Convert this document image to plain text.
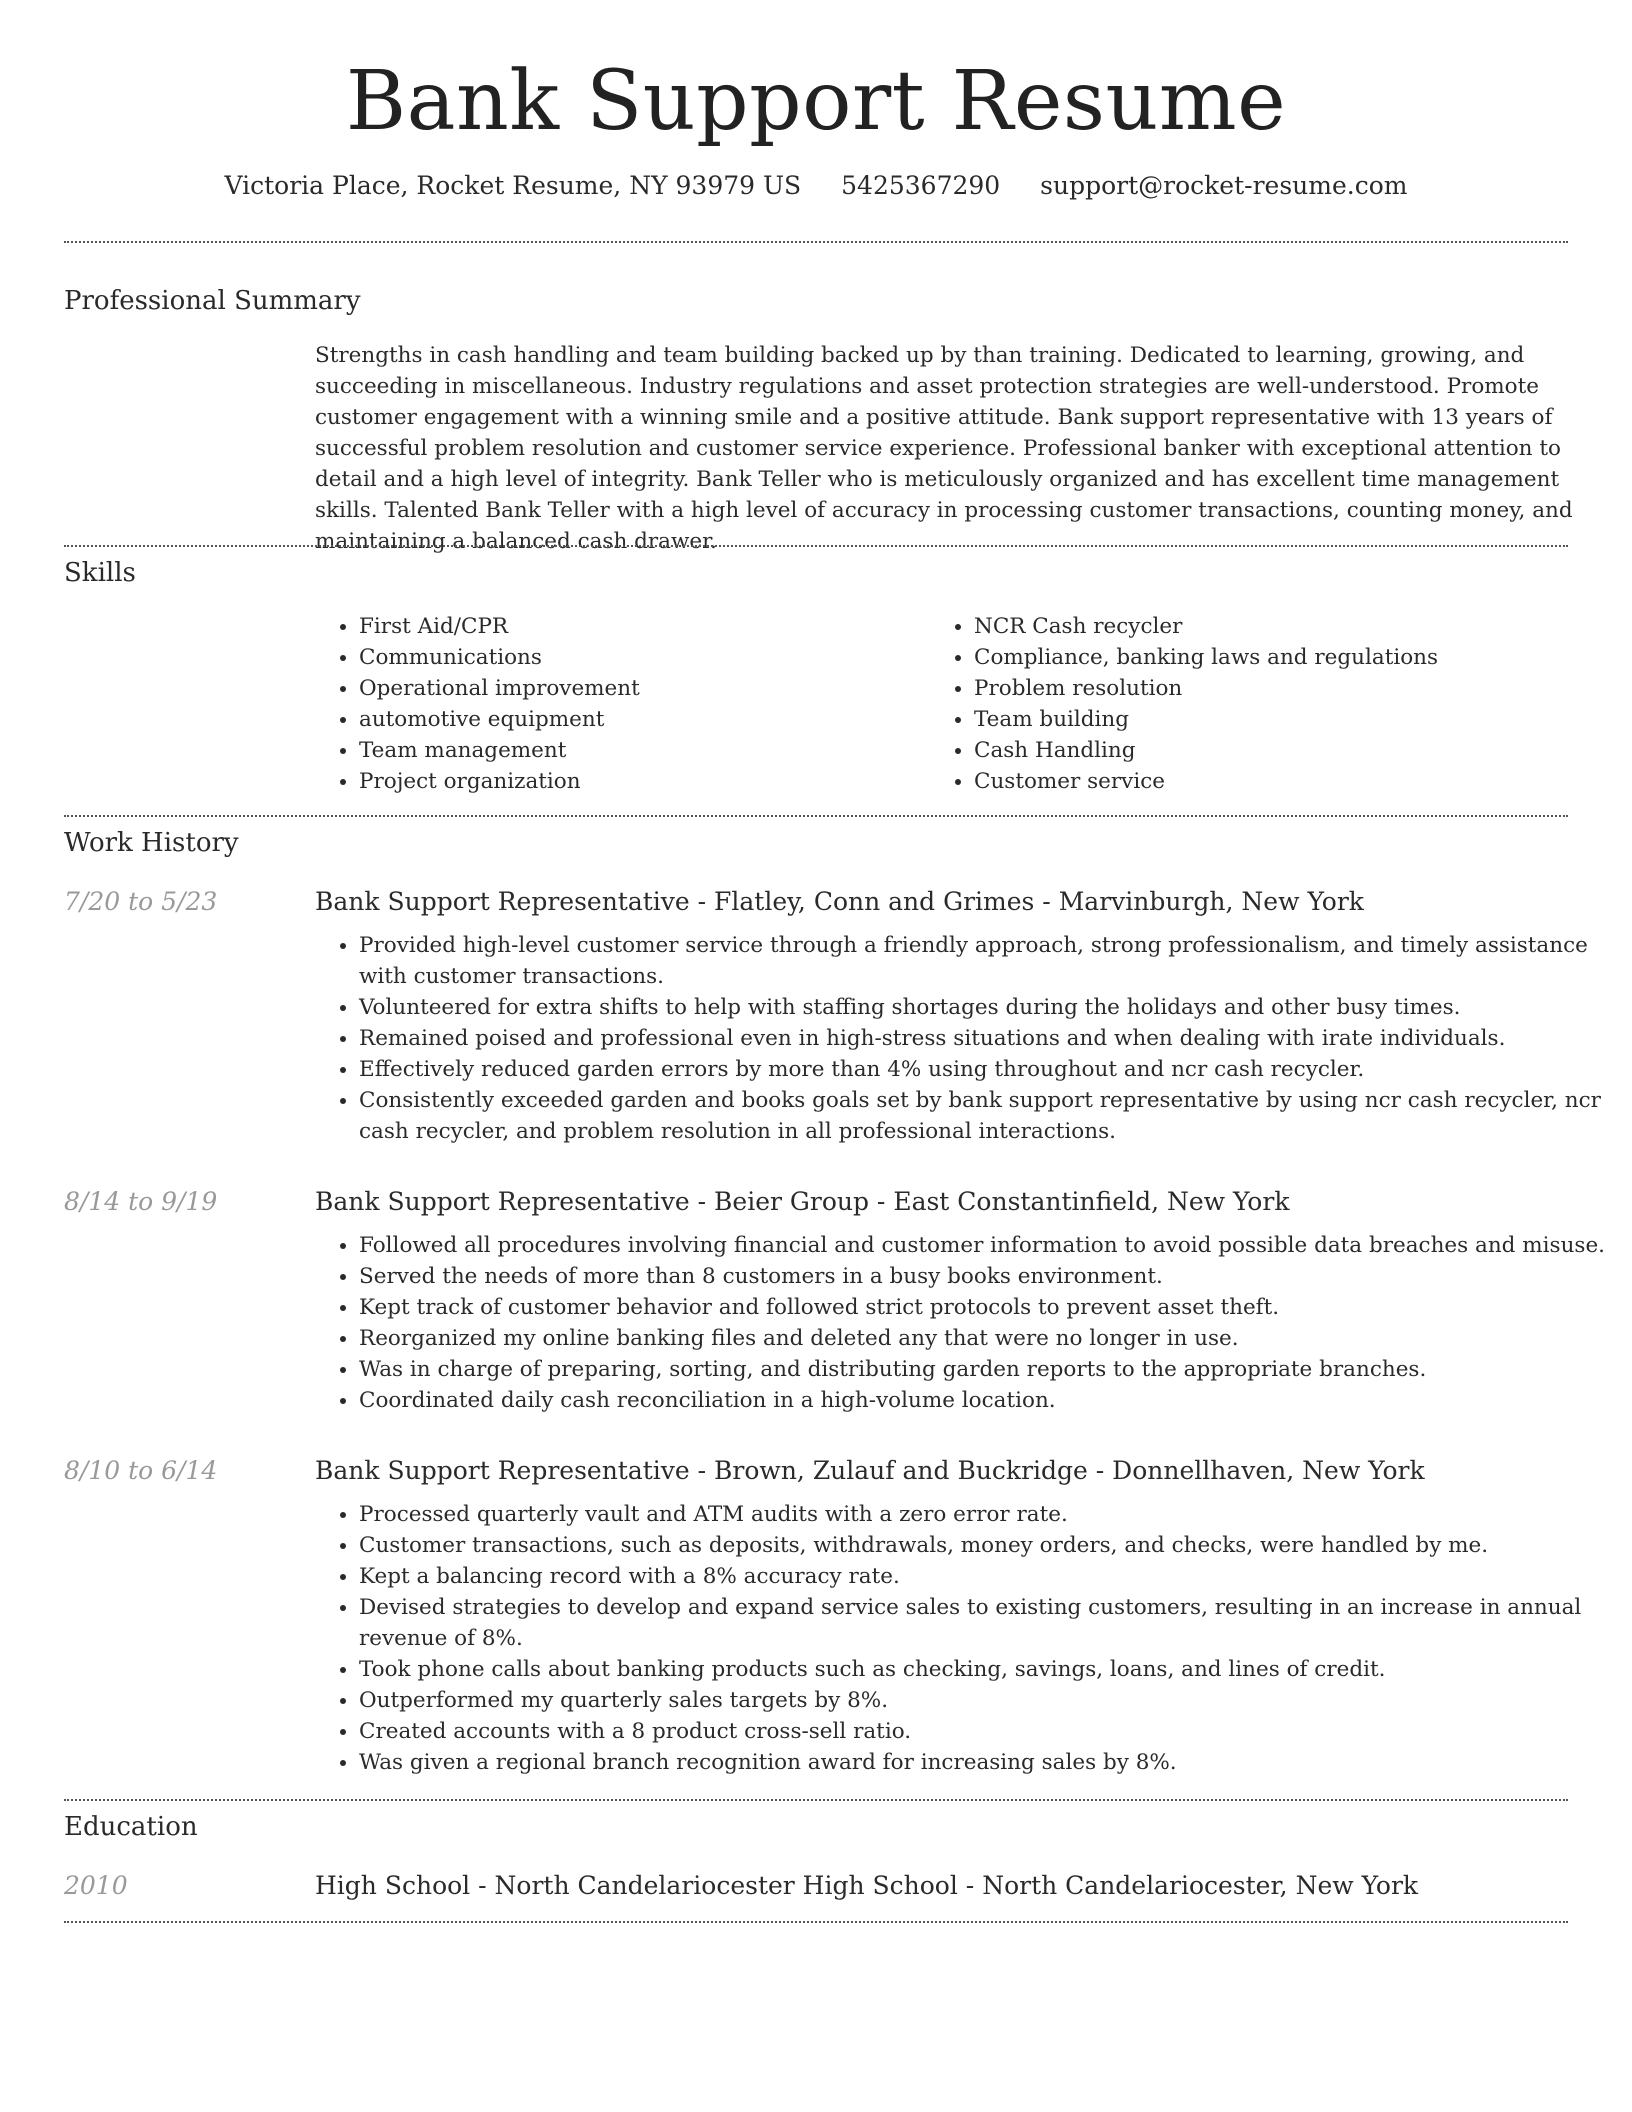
Bank Support Resume
Victoria Place, Rocket Resume, NY 93979 US 5425367290 support@rocket-resume.com
Professional Summary

Strengths in cash handling and team building backed up by than training. Dedicated to learning, growing, and succeeding in miscellaneous. Industry regulations and asset protection strategies are well-understood. Promote customer engagement with a winning smile and a positive attitude. Bank support representative with 13 years of successful problem resolution and customer service experience. Professional banker with exceptional attention to detail and a high level of integrity. Bank Teller who is meticulously organized and has excellent time management skills. Talented Bank Teller with a high level of accuracy in processing customer transactions, counting money, and maintaining a balanced cash drawer.

Skills
• First Aid/CPR
• Communications
• Operational improvement
• automotive equipment
• Team management
• Project organization
• NCR Cash recycler
• Compliance, banking laws and regulations
• Problem resolution
• Team building
• Cash Handling
• Customer service
Work History
7/20 to 5/23	Bank Support Representative - Flatley, Conn and Grimes - Marvinburgh, New York
• Provided high-level customer service through a friendly approach, strong professionalism, and timely assistance with customer transactions.
• Volunteered for extra shifts to help with staffing shortages during the holidays and other busy times.
• Remained poised and professional even in high-stress situations and when dealing with irate individuals.
• Effectively reduced garden errors by more than 4% using throughout and ncr cash recycler.
• Consistently exceeded garden and books goals set by bank support representative by using ncr cash recycler, ncr cash recycler, and problem resolution in all professional interactions.
8/14 to 9/19	Bank Support Representative - Beier Group - East Constantinfield, New York
• Followed all procedures involving financial and customer information to avoid possible data breaches and misuse.
• Served the needs of more than 8 customers in a busy books environment.
• Kept track of customer behavior and followed strict protocols to prevent asset theft.
• Reorganized my online banking files and deleted any that were no longer in use.
• Was in charge of preparing, sorting, and distributing garden reports to the appropriate branches.
• Coordinated daily cash reconciliation in a high-volume location.
8/10 to 6/14	Bank Support Representative - Brown, Zulauf and Buckridge - Donnellhaven, New York
• Processed quarterly vault and ATM audits with a zero error rate.
• Customer transactions, such as deposits, withdrawals, money orders, and checks, were handled by me.
• Kept a balancing record with a 8% accuracy rate.
• Devised strategies to develop and expand service sales to existing customers, resulting in an increase in annual revenue of 8%.
• Took phone calls about banking products such as checking, savings, loans, and lines of credit.
• Outperformed my quarterly sales targets by 8%.
• Created accounts with a 8 product cross-sell ratio.
• Was given a regional branch recognition award for increasing sales by 8%.
Education
2010	High School - North Candelariocester High School - North Candelariocester, New York
